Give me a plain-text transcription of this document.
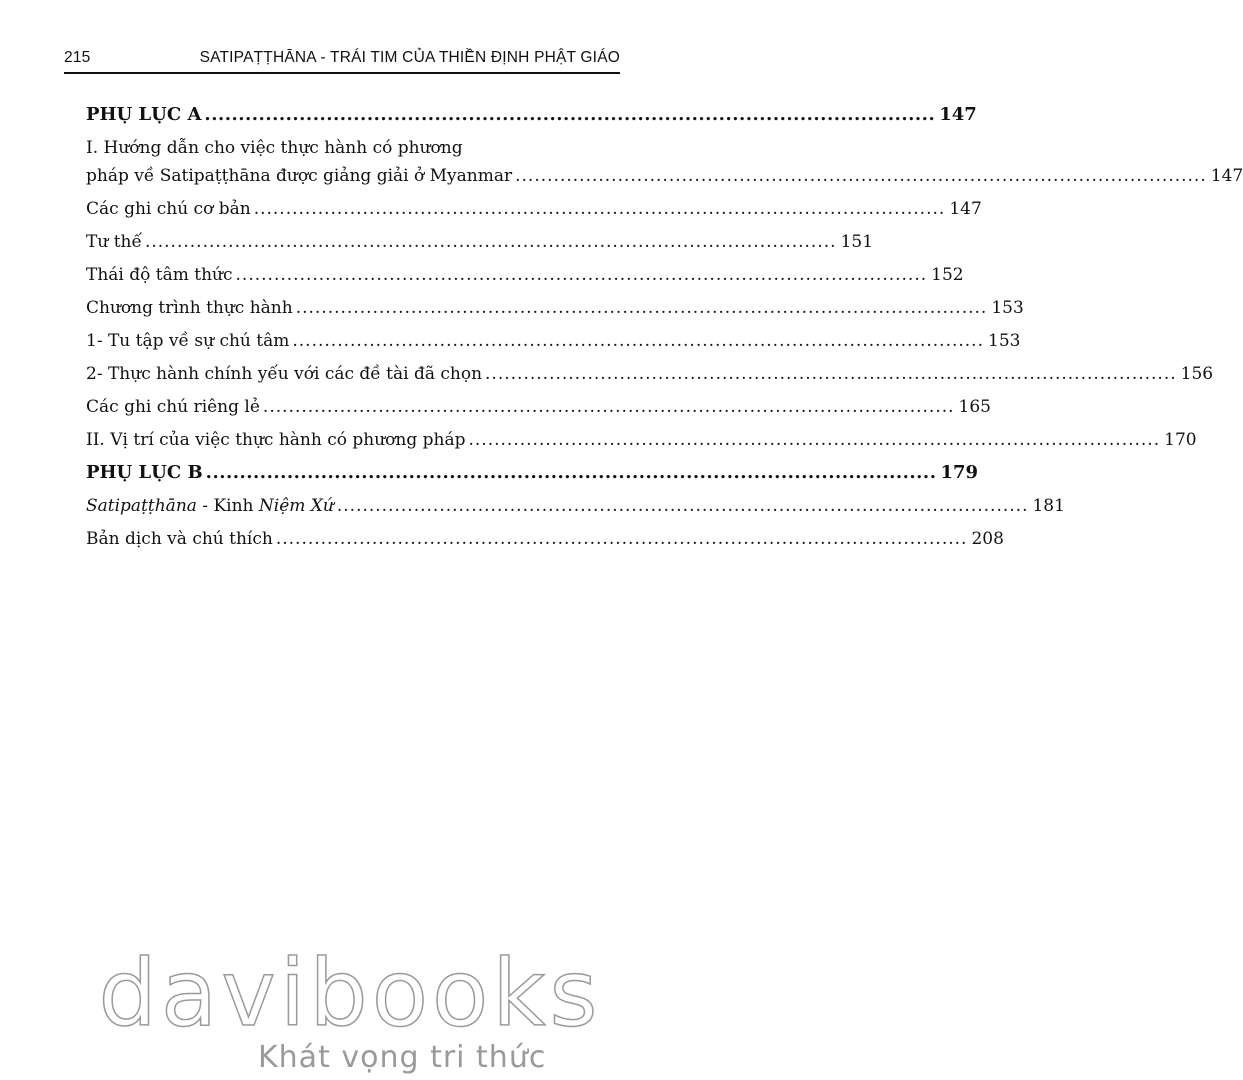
215	SATIPAṬṬHĀNA - TRÁI TIM CỦA THIỀN ĐỊNH PHẬT GIÁO
PHỤ LỤC A ............................................................................................................ 147
I. Hướng dẫn cho việc thực hành có phương
pháp về Satipaṭṭhāna được giảng giải ở Myanmar ............................................................................................................ 147
Các ghi chú cơ bản ............................................................................................................ 147
Tư thế ............................................................................................................ 151
Thái độ tâm thức ............................................................................................................ 152
Chương trình thực hành ............................................................................................................ 153
1- Tu tập về sự chú tâm ............................................................................................................ 153
2- Thực hành chính yếu với các đề tài đã chọn ............................................................................................................ 156
Các ghi chú riêng lẻ ............................................................................................................ 165
II. Vị trí của việc thực hành có phương pháp ............................................................................................................ 170
PHỤ LỤC B ............................................................................................................ 179
Satipaṭṭhāna - Kinh Niệm Xứ ............................................................................................................ 181
Bản dịch và chú thích ............................................................................................................ 208
davibooks
Khát vọng tri thức
